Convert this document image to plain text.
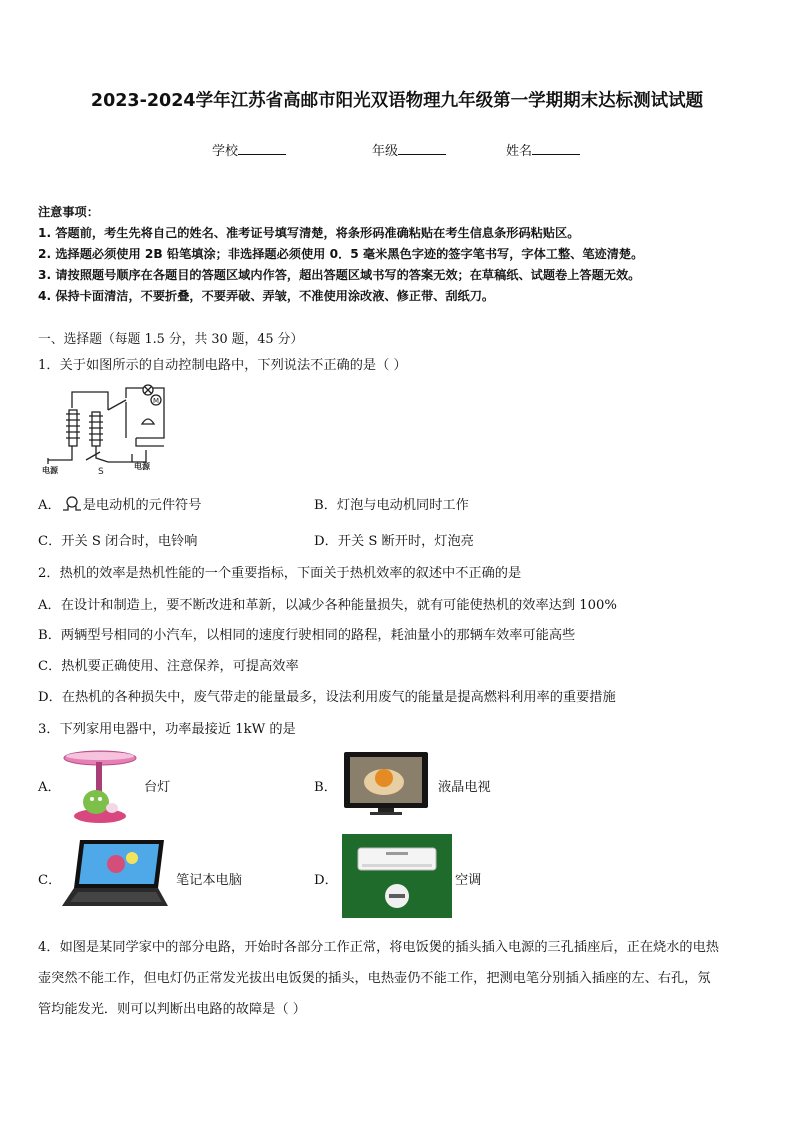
2023-2024学年江苏省高邮市阳光双语物理九年级第一学期期末达标测试试题
学校	年级	姓名
注意事项：
1. 答题前，考生先将自己的姓名、准考证号填写清楚，将条形码准确粘贴在考生信息条形码粘贴区。
2. 选择题必须使用 2B 铅笔填涂；非选择题必须使用 0．5 毫米黑色字迹的签字笔书写，字体工整、笔迹清楚。
3. 请按照题号顺序在各题目的答题区域内作答，超出答题区域书写的答案无效；在草稿纸、试题卷上答题无效。
4. 保持卡面清洁，不要折叠，不要弄破、弄皱，不准使用涂改液、修正带、刮纸刀。
一、选择题（每题 1.5 分，共 30 题，45 分）
1．关于如图所示的自动控制电路中，下列说法不正确的是（ ）
M
电源	S
电源
A． 是电动机的元件符号	B．灯泡与电动机同时工作
C．开关 S 闭合时，电铃响	D．开关 S 断开时，灯泡亮
2．热机的效率是热机性能的一个重要指标，下面关于热机效率的叙述中不正确的是
A．在设计和制造上，要不断改进和革新，以减少各种能量损失，就有可能使热机的效率达到 100%
B．两辆型号相同的小汽车，以相同的速度行驶相同的路程，耗油量小的那辆车效率可能高些
C．热机要正确使用、注意保养，可提高效率
D．在热机的各种损失中，废气带走的能量最多，设法利用废气的能量是提高燃料利用率的重要措施
3．下列家用电器中，功率最接近 1kW 的是
A．	台灯	B．	液晶电视
C．	笔记本电脑	D．	空调
4．如图是某同学家中的部分电路，开始时各部分工作正常，将电饭煲的插头插入电源的三孔插座后，正在烧水的电热
壶突然不能工作，但电灯仍正常发光拔出电饭煲的插头，电热壶仍不能工作，把测电笔分别插入插座的左、右孔，氖
管均能发光．则可以判断出电路的故障是（ ）
